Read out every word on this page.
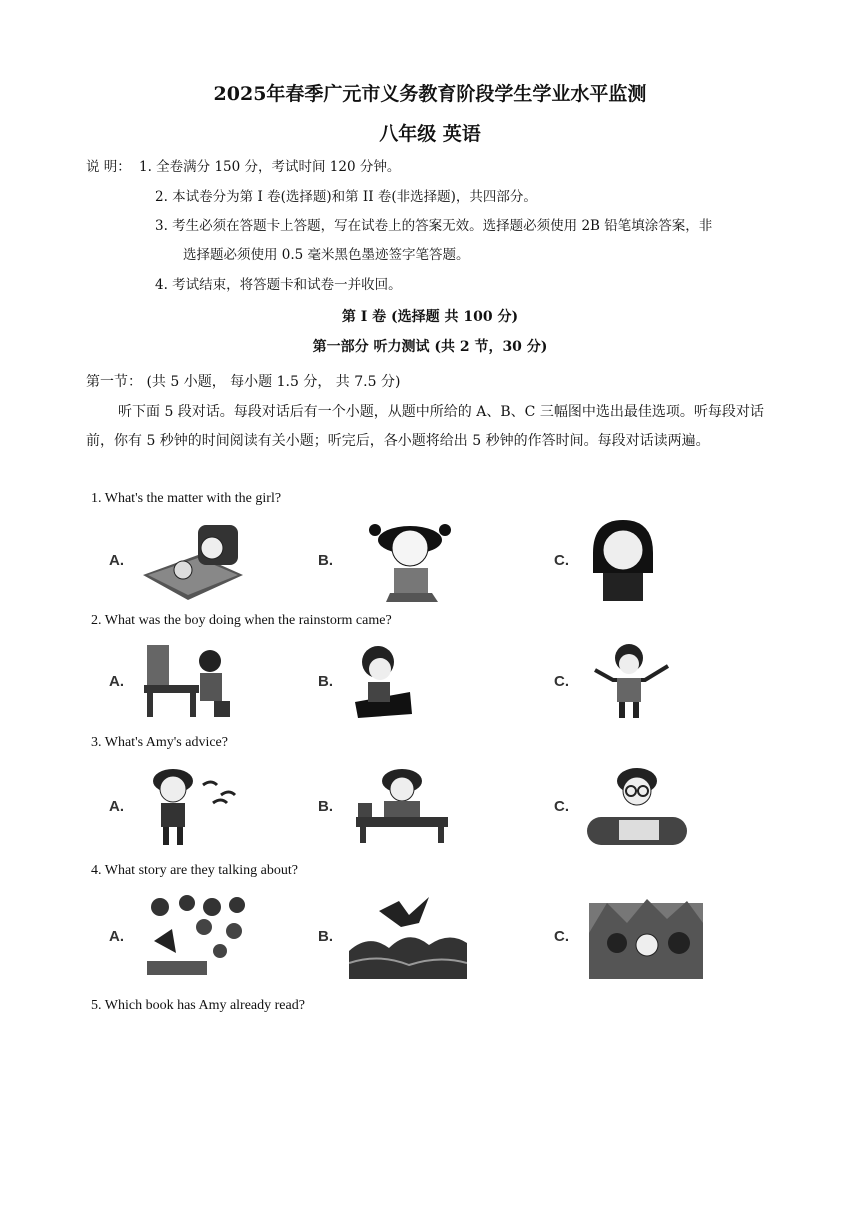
2025年春季广元市义务教育阶段学生学业水平监测
八年级 英语
说 明： 1. 全卷满分 150 分，考试时间 120 分钟。
2. 本试卷分为第 I 卷(选择题)和第 II 卷(非选择题)，共四部分。
3. 考生必须在答题卡上答题，写在试卷上的答案无效。选择题必须使用 2B 铅笔填涂答案，非
选择题必须使用 0.5 毫米黑色墨迹签字笔答题。
4. 考试结束，将答题卡和试卷一并收回。
第 I 卷 (选择题 共 100 分)
第一部分 听力测试 (共 2 节，30 分)
第一节： (共 5 小题， 每小题 1.5 分， 共 7.5 分)
听下面 5 段对话。每段对话后有一个小题，从题中所给的 A、B、C 三幅图中选出最佳选项。听每段对话前，你有 5 秒钟的时间阅读有关小题；听完后，各小题将给出 5 秒钟的作答时间。每段对话读两遍。
1. What's the matter with the girl?
A.	B.	C.
2. What was the boy doing when the rainstorm came?
A.	B.	C.
3. What's Amy's advice?
A.	B.	C.
4. What story are they talking about?
A.	B.	C.
5. Which book has Amy already read?
